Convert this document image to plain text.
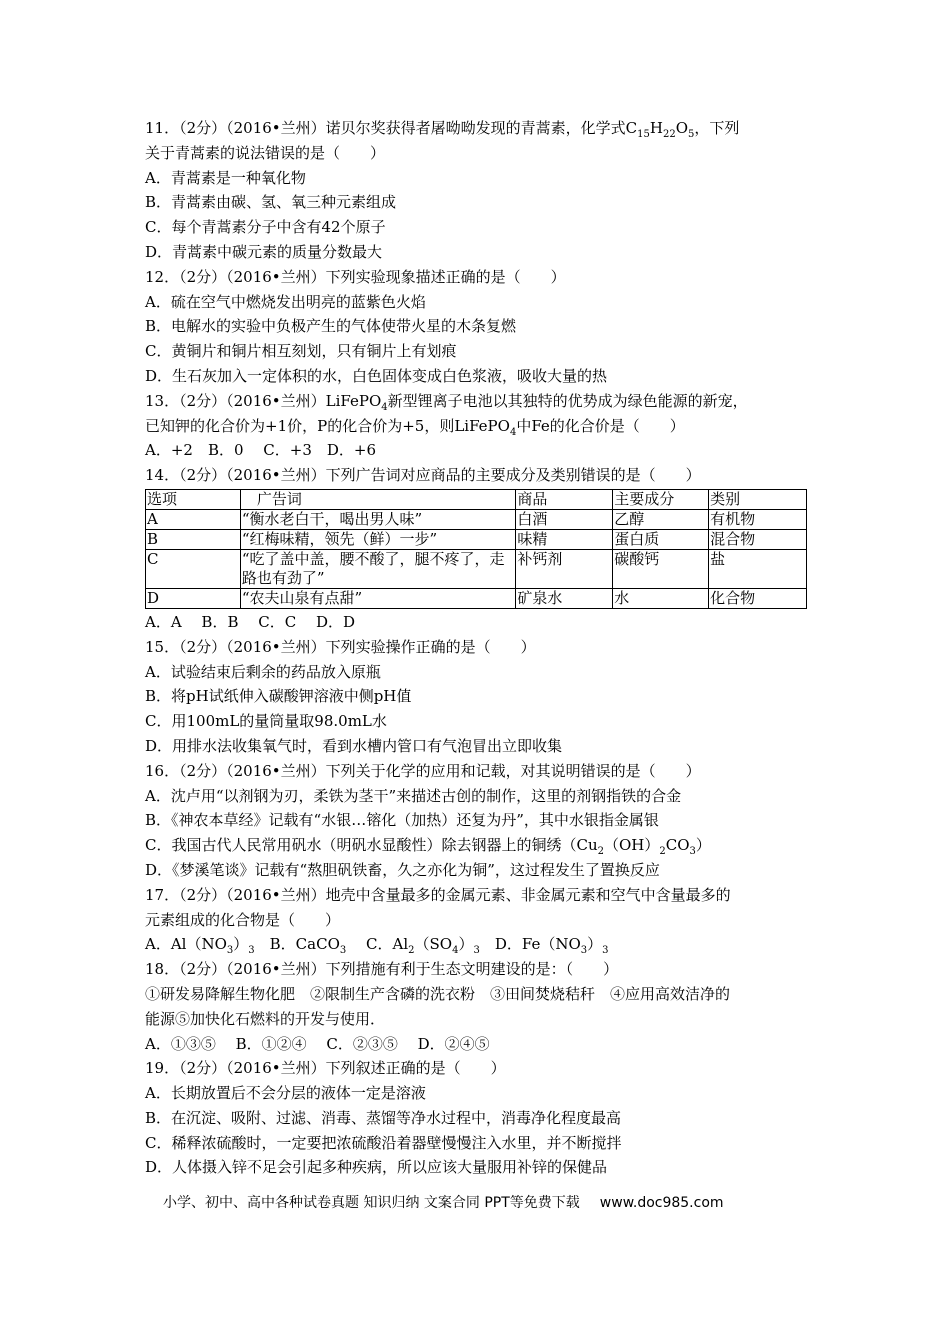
11．（2分）（2016•兰州）诺贝尔奖获得者屠呦呦发现的青蒿素，化学式$C_{15}H_{22}O_5$，下列
关于青蒿素的说法错误的是（　　）
A．青蒿素是一种氧化物
B．青蒿素由碳、氢、氧三种元素组成
C．每个青蒿素分子中含有42个原子
D．青蒿素中碳元素的质量分数最大
12．（2分）（2016•兰州）下列实验现象描述正确的是（　　）
A．硫在空气中燃烧发出明亮的蓝紫色火焰
B．电解水的实验中负极产生的气体使带火星的木条复燃
C．黄铜片和铜片相互刻划，只有铜片上有划痕
D．生石灰加入一定体积的水，白色固体变成白色浆液，吸收大量的热
13．（2分）（2016•兰州）LiFePO$_4$新型锂离子电池以其独特的优势成为绿色能源的新宠，
已知钾的化合价为+1价，P的化合价为+5，则LiFePO$_4$中Fe的化合价是（　　）
A．+2　B．0　 C．+3　D．+6
14．（2分）（2016•兰州）下列广告词对应商品的主要成分及类别错误的是（　　）
选项	　广告词	商品	主要成分	类别
A	“衡水老白干，喝出男人味”	白酒	乙醇	有机物
B	“红梅味精，领先（鲜）一步”	味精	蛋白质	混合物
C	“吃了盖中盖，腰不酸了，腿不疼了，走路也有劲了”	补钙剂	碳酸钙	盐
D	“农夫山泉有点甜”	矿泉水	水	化合物
A．A　 B．B　 C．C　 D．D
15．（2分）（2016•兰州）下列实验操作正确的是（　　）
A．试验结束后剩余的药品放入原瓶
B．将pH试纸伸入碳酸钾溶液中侧pH值
C．用100mL的量筒量取98.0mL水
D．用排水法收集氧气时，看到水槽内管口有气泡冒出立即收集
16．（2分）（2016•兰州）下列关于化学的应用和记载，对其说明错误的是（　　）
A．沈卢用“以剂钢为刃，柔铁为茎干”来描述古创的制作，这里的剂钢指铁的合金
B．《神农本草经》记载有“水银…镕化（加热）还复为丹”，其中水银指金属银
C．我国古代人民常用矾水（明矾水显酸性）除去钢器上的铜绣$(Cu_2(OH)_2CO_3)$
D．《梦溪笔谈》记载有“熬胆矾铁畜，久之亦化为铜”，这过程发生了置换反应
17．（2分）（2016•兰州）地壳中含量最多的金属元素、非金属元素和空气中含量最多的
元素组成的化合物是（　　）
A．$Al(NO_3)_3$　B．CaCO$_3$　 C．$Al_2(SO_4)_3$　D．$Fe(NO_3)_3$
18．（2分）（2016•兰州）下列措施有利于生态文明建设的是：（　　）
①研发易降解生物化肥　②限制生产含磷的洗衣粉　③田间焚烧秸秆　④应用高效洁净的
能源⑤加快化石燃料的开发与使用．
A．①③⑤　 B．①②④　 C．②③⑤　 D．②④⑤
19．（2分）（2016•兰州）下列叙述正确的是（　　）
A．长期放置后不会分层的液体一定是溶液
B．在沉淀、吸附、过滤、消毒、蒸馏等净水过程中，消毒净化程度最高
C．稀释浓硫酸时，一定要把浓硫酸沿着器壁慢慢注入水里，并不断搅拌
D．人体摄入锌不足会引起多种疾病，所以应该大量服用补锌的保健品
小学、初中、高中各种试卷真题 知识归纳 文案合同 PPT等免费下载 www.doc985.com
